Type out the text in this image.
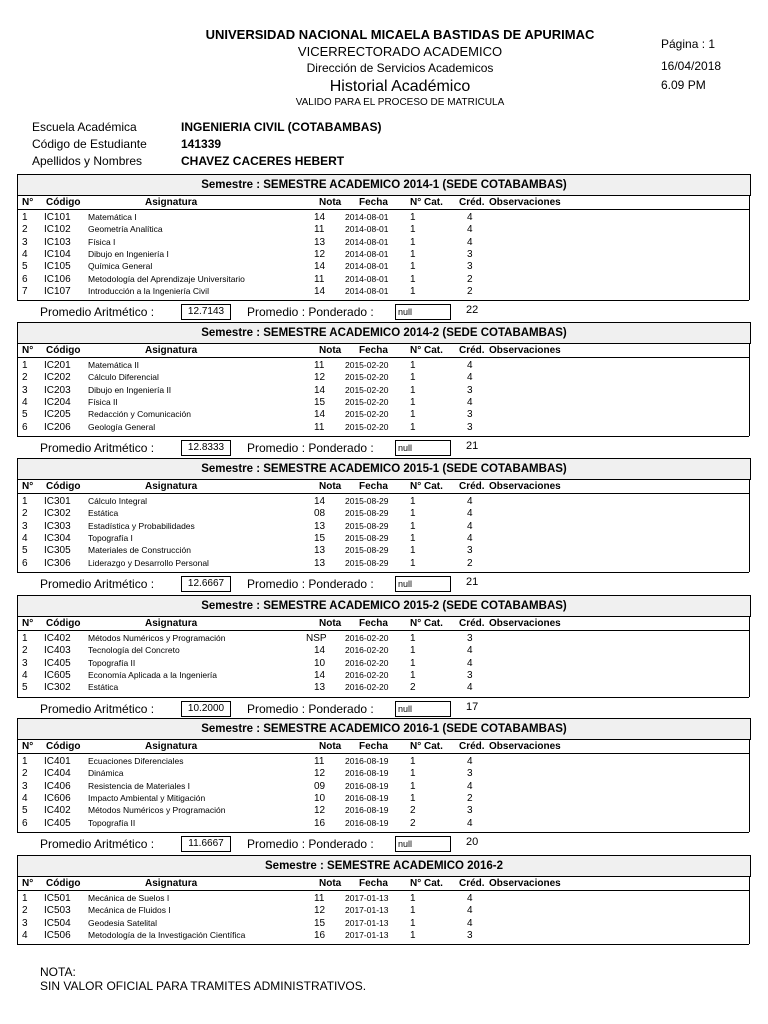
UNIVERSIDAD NACIONAL MICAELA BASTIDAS DE APURIMAC
VICERRECTORADO ACADEMICO
Dirección de Servicios Academicos
Historial Académico
VALIDO PARA EL PROCESO DE MATRICULA
Página : 1
16/04/2018
6.09 PM
Escuela Académica	INGENIERIA CIVIL (COTABAMBAS)
Código de Estudiante	141339
Apellidos y Nombres	CHAVEZ CACERES HEBERT
Semestre : SEMESTRE ACADEMICO 2014-1 (SEDE COTABAMBAS)
N° Código	Asignatura	Nota Fecha N° Cat. Créd. Observaciones
1 IC101 Matemática I	14 2014-08-01 1	4
2 IC102 Geometría Analítica	11 2014-08-01 1	4
3 IC103 Física I	13 2014-08-01 1	4
4 IC104 Dibujo en Ingeniería I	12 2014-08-01 1	3
5 IC105 Química General	14 2014-08-01 1	3
6 IC106 Metodología del Aprendizaje Universitario	11 2014-08-01 1	2
7 IC107 Introducción a la Ingeniería Civil	14 2014-08-01 1	2
Promedio Aritmético :	12.7143	Promedio : Ponderado :	null	22
Semestre : SEMESTRE ACADEMICO 2014-2 (SEDE COTABAMBAS)
N° Código	Asignatura	Nota Fecha N° Cat. Créd. Observaciones
1 IC201 Matemática II	11 2015-02-20 1	4
2 IC202 Cálculo Diferencial	12 2015-02-20 1	4
3 IC203 Dibujo en Ingeniería II	14 2015-02-20 1	3
4 IC204 Física II	15 2015-02-20 1	4
5 IC205 Redacción y Comunicación	14 2015-02-20 1	3
6 IC206 Geología General	11 2015-02-20 1	3
Promedio Aritmético :	12.8333	Promedio : Ponderado :	null	21
Semestre : SEMESTRE ACADEMICO 2015-1 (SEDE COTABAMBAS)
N° Código	Asignatura	Nota Fecha N° Cat. Créd. Observaciones
1 IC301 Cálculo Integral	14 2015-08-29 1	4
2 IC302 Estática	08 2015-08-29 1	4
3 IC303 Estadística y Probabilidades	13 2015-08-29 1	4
4 IC304 Topografía I	15 2015-08-29 1	4
5 IC305 Materiales de Construcción	13 2015-08-29 1	3
6 IC306 Liderazgo y Desarrollo Personal	13 2015-08-29 1	2
Promedio Aritmético :	12.6667	Promedio : Ponderado :	null	21
Semestre : SEMESTRE ACADEMICO 2015-2 (SEDE COTABAMBAS)
N° Código	Asignatura	Nota Fecha N° Cat. Créd. Observaciones
1 IC402 Métodos Numéricos y Programación	NSP 2016-02-20 1	3
2 IC403 Tecnología del Concreto	14 2016-02-20 1	4
3 IC405 Topografía II	10 2016-02-20 1	4
4 IC605 Economía Aplicada a la Ingeniería	14 2016-02-20 1	3
5 IC302 Estática	13 2016-02-20 2	4
Promedio Aritmético :	10.2000	Promedio : Ponderado :	null	17
Semestre : SEMESTRE ACADEMICO 2016-1 (SEDE COTABAMBAS)
N° Código	Asignatura	Nota Fecha N° Cat. Créd. Observaciones
1 IC401 Ecuaciones Diferenciales	11 2016-08-19 1	4
2 IC404 Dinámica	12 2016-08-19 1	3
3 IC406 Resistencia de Materiales I	09 2016-08-19 1	4
4 IC606 Impacto Ambiental y Mitigación	10 2016-08-19 1	2
5 IC402 Métodos Numéricos y Programación	12 2016-08-19 2	3
6 IC405 Topografía II	16 2016-08-19 2	4
Promedio Aritmético :	11.6667	Promedio : Ponderado :	null	20
Semestre : SEMESTRE ACADEMICO 2016-2
N° Código	Asignatura	Nota Fecha N° Cat. Créd. Observaciones
1 IC501 Mecánica de Suelos I	11 2017-01-13 1	4
2 IC503 Mecánica de Fluidos I	12 2017-01-13 1	4
3 IC504 Geodesia Satelital	15 2017-01-13 1	4
4 IC506 Metodología de la Investigación Científica	16 2017-01-13 1	3
NOTA:
SIN VALOR OFICIAL PARA TRAMITES ADMINISTRATIVOS.
